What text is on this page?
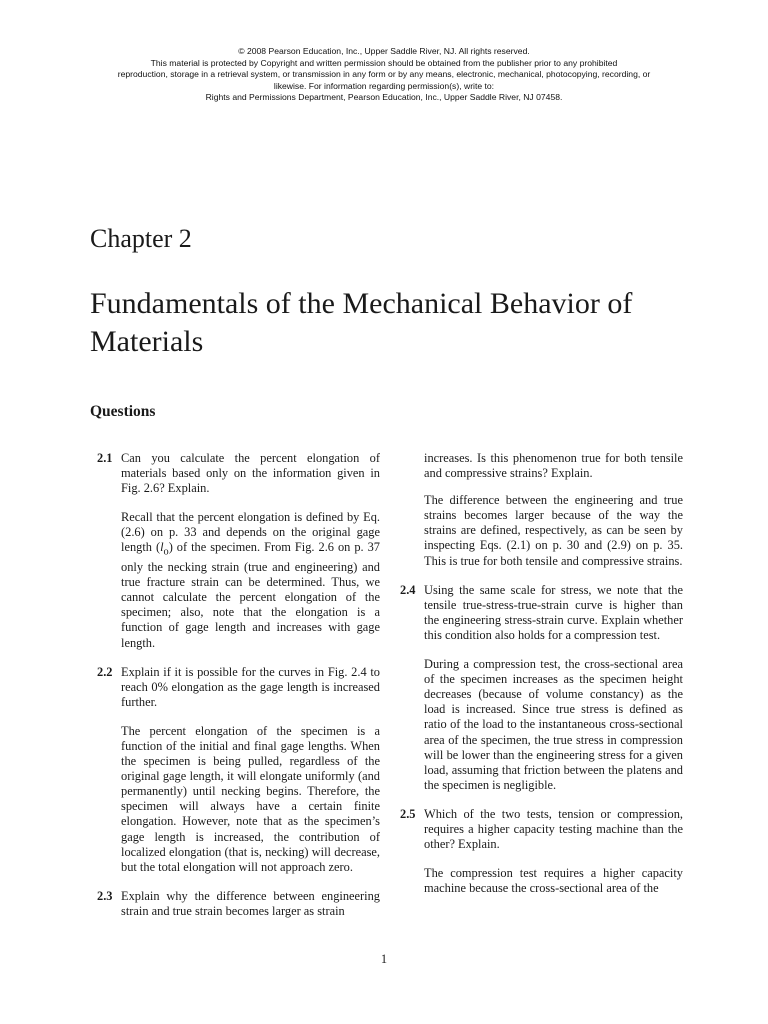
© 2008 Pearson Education, Inc., Upper Saddle River, NJ. All rights reserved.
This material is protected by Copyright and written permission should be obtained from the publisher prior to any prohibited
reproduction, storage in a retrieval system, or transmission in any form or by any means, electronic, mechanical, photocopying, recording, or
likewise. For information regarding permission(s), write to:
Rights and Permissions Department, Pearson Education, Inc., Upper Saddle River, NJ 07458.
Chapter 2
Fundamentals of the Mechanical Behavior of Materials
Questions
2.1 Can you calculate the percent elongation of materials based only on the information given in Fig. 2.6? Explain.
Recall that the percent elongation is defined by Eq. (2.6) on p. 33 and depends on the original gage length $(l_o)$ of the specimen. From Fig. 2.6 on p. 37 only the necking strain (true and engineering) and true fracture strain can be determined. Thus, we cannot calculate the percent elongation of the specimen; also, note that the elongation is a function of gage length and increases with gage length.
2.2 Explain if it is possible for the curves in Fig. 2.4 to reach 0% elongation as the gage length is increased further.
The percent elongation of the specimen is a function of the initial and final gage lengths. When the specimen is being pulled, regardless of the original gage length, it will elongate uniformly (and permanently) until necking begins. Therefore, the specimen will always have a certain finite elongation. However, note that as the specimen’s gage length is increased, the contribution of localized elongation (that is, necking) will decrease, but the total elongation will not approach zero.
2.3 Explain why the difference between engineering strain and true strain becomes larger as strain
increases. Is this phenomenon true for both tensile and compressive strains? Explain.
The difference between the engineering and true strains becomes larger because of the way the strains are defined, respectively, as can be seen by inspecting Eqs. (2.1) on p. 30 and (2.9) on p. 35. This is true for both tensile and compressive strains.
2.4 Using the same scale for stress, we note that the tensile true-stress-true-strain curve is higher than the engineering stress-strain curve. Explain whether this condition also holds for a compression test.
During a compression test, the cross-sectional area of the specimen increases as the specimen height decreases (because of volume constancy) as the load is increased. Since true stress is defined as ratio of the load to the instantaneous cross-sectional area of the specimen, the true stress in compression will be lower than the engineering stress for a given load, assuming that friction between the platens and the specimen is negligible.
2.5 Which of the two tests, tension or compression, requires a higher capacity testing machine than the other? Explain.
The compression test requires a higher capacity machine because the cross-sectional area of the
1
